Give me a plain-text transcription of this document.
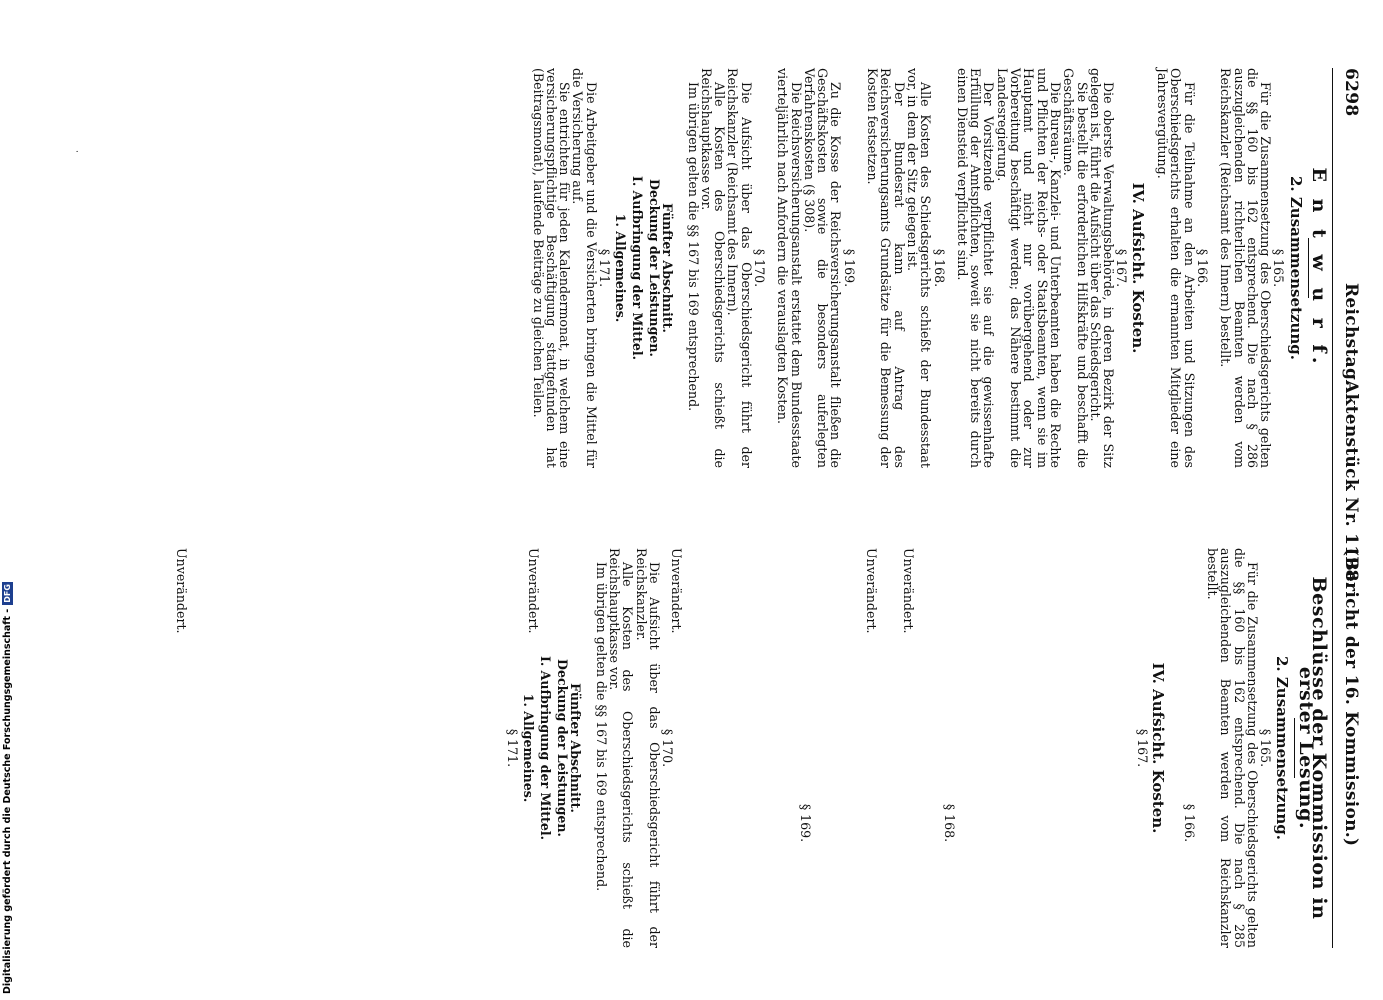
6298
Reichstag.
Aktenstück Nr. 1198.
(Bericht der 16. Kommission.)

E n t w u r f.

2. Zusammensetzung.

§ 165.

Für die Zusammensetzung des Oberschiedsgerichts gelten die §§ 160 bis 162 entsprechend. Die nach § 286 auszugleichenden richterlichen Beamten werden vom Reichskanzler (Reichsamt des Innern) bestellt.

§ 166.

Für die Teilnahme an den Arbeiten und Sitzungen des Oberschiedsgerichts erhalten die ernannten Mitglieder eine Jahresvergütung.

IV. Aufsicht. Kosten.

§ 167.

Die oberste Verwaltungsbehörde, in deren Bezirk der Sitz gelegen ist, führt die Aufsicht über das Schiedsgericht.

Sie bestellt die erforderlichen Hilfskräfte und beschafft die Geschäftsräume.

Die Bureau-, Kanzlei- und Unterbeamten haben die Rechte und Pflichten der Reichs- oder Staatsbeamten, wenn sie im Hauptamt und nicht nur vorübergehend oder zur Vorbereitung beschäftigt werden; das Nähere bestimmt die Landesregierung.

Der Vorsitzende verpflichtet sie auf die gewissenhafte Erfüllung der Amtspflichten, soweit sie nicht bereits durch einen Diensteid verpflichtet sind.

§ 168.

Alle Kosten des Schiedsgerichts schießt der Bundesstaat vor, in dem der Sitz gelegen ist.

Der Bundesrat kann auf Antrag des Reichsversicherungsamts Grundsätze für die Bemessung der Kosten festsetzen.

§ 169.

Zu die Kosse der Reichsversicherungsanstalt fließen die Geschäftskosten sowie die besonders auferlegten Verfahrenskosten (§ 308).

Die Reichsversicherungsanstalt erstattet dem Bundesstaate vierteljährlich nach Anfordern die verauslagten Kosten.

§ 170.

Die Aufsicht über das Oberschiedsgericht führt der Reichskanzler (Reichsamt des Innern).

Alle Kosten des Oberschiedsgerichts schießt die Reichshauptkasse vor.

Im übrigen gelten die §§ 167 bis 169 entsprechend.

Fünfter Abschnitt.

Deckung der Leistungen.

I. Aufbringung der Mittel.

1. Allgemeines.

§ 171.

Die Arbeitgeber und die Versicherten bringen die Mittel für die Versicherung auf.

Sie entrichten für jeden Kalendermonat, in welchem eine versicherungspflichtige Beschäftigung stattgefunden hat (Beitragsmonat), laufende Beiträge zu gleichen Teilen.

Unverändert.
Unverändert.
Unverändert.
Unverändert.
Unverändert.	Beschlüsse der Kommission in erster Lesung.

2. Zusammensetzung.

§ 165.

Für die Zusammensetzung des Oberschiedsgerichts gelten die §§ 160 bis 162 entsprechend. Die nach § 285 auszugleichenden Beamten werden vom Reichskanzler bestellt.

§ 166.

IV. Aufsicht. Kosten.

§ 167.

§ 168.

§ 169.

§ 170.

Die Aufsicht über das Oberschiedsgericht führt der Reichskanzler.

Alle Kosten des Oberschiedsgerichts schießt die Reichshauptkasse vor.

Im übrigen gelten die §§ 167 bis 169 entsprechend.

Fünfter Abschnitt.

Deckung der Leistungen.

I. Aufbringung der Mittel.

1. Allgemeines.

§ 171.

·
Digitalisierung gefördert durch die Deutsche Forschungsgemeinschaft -DFG
